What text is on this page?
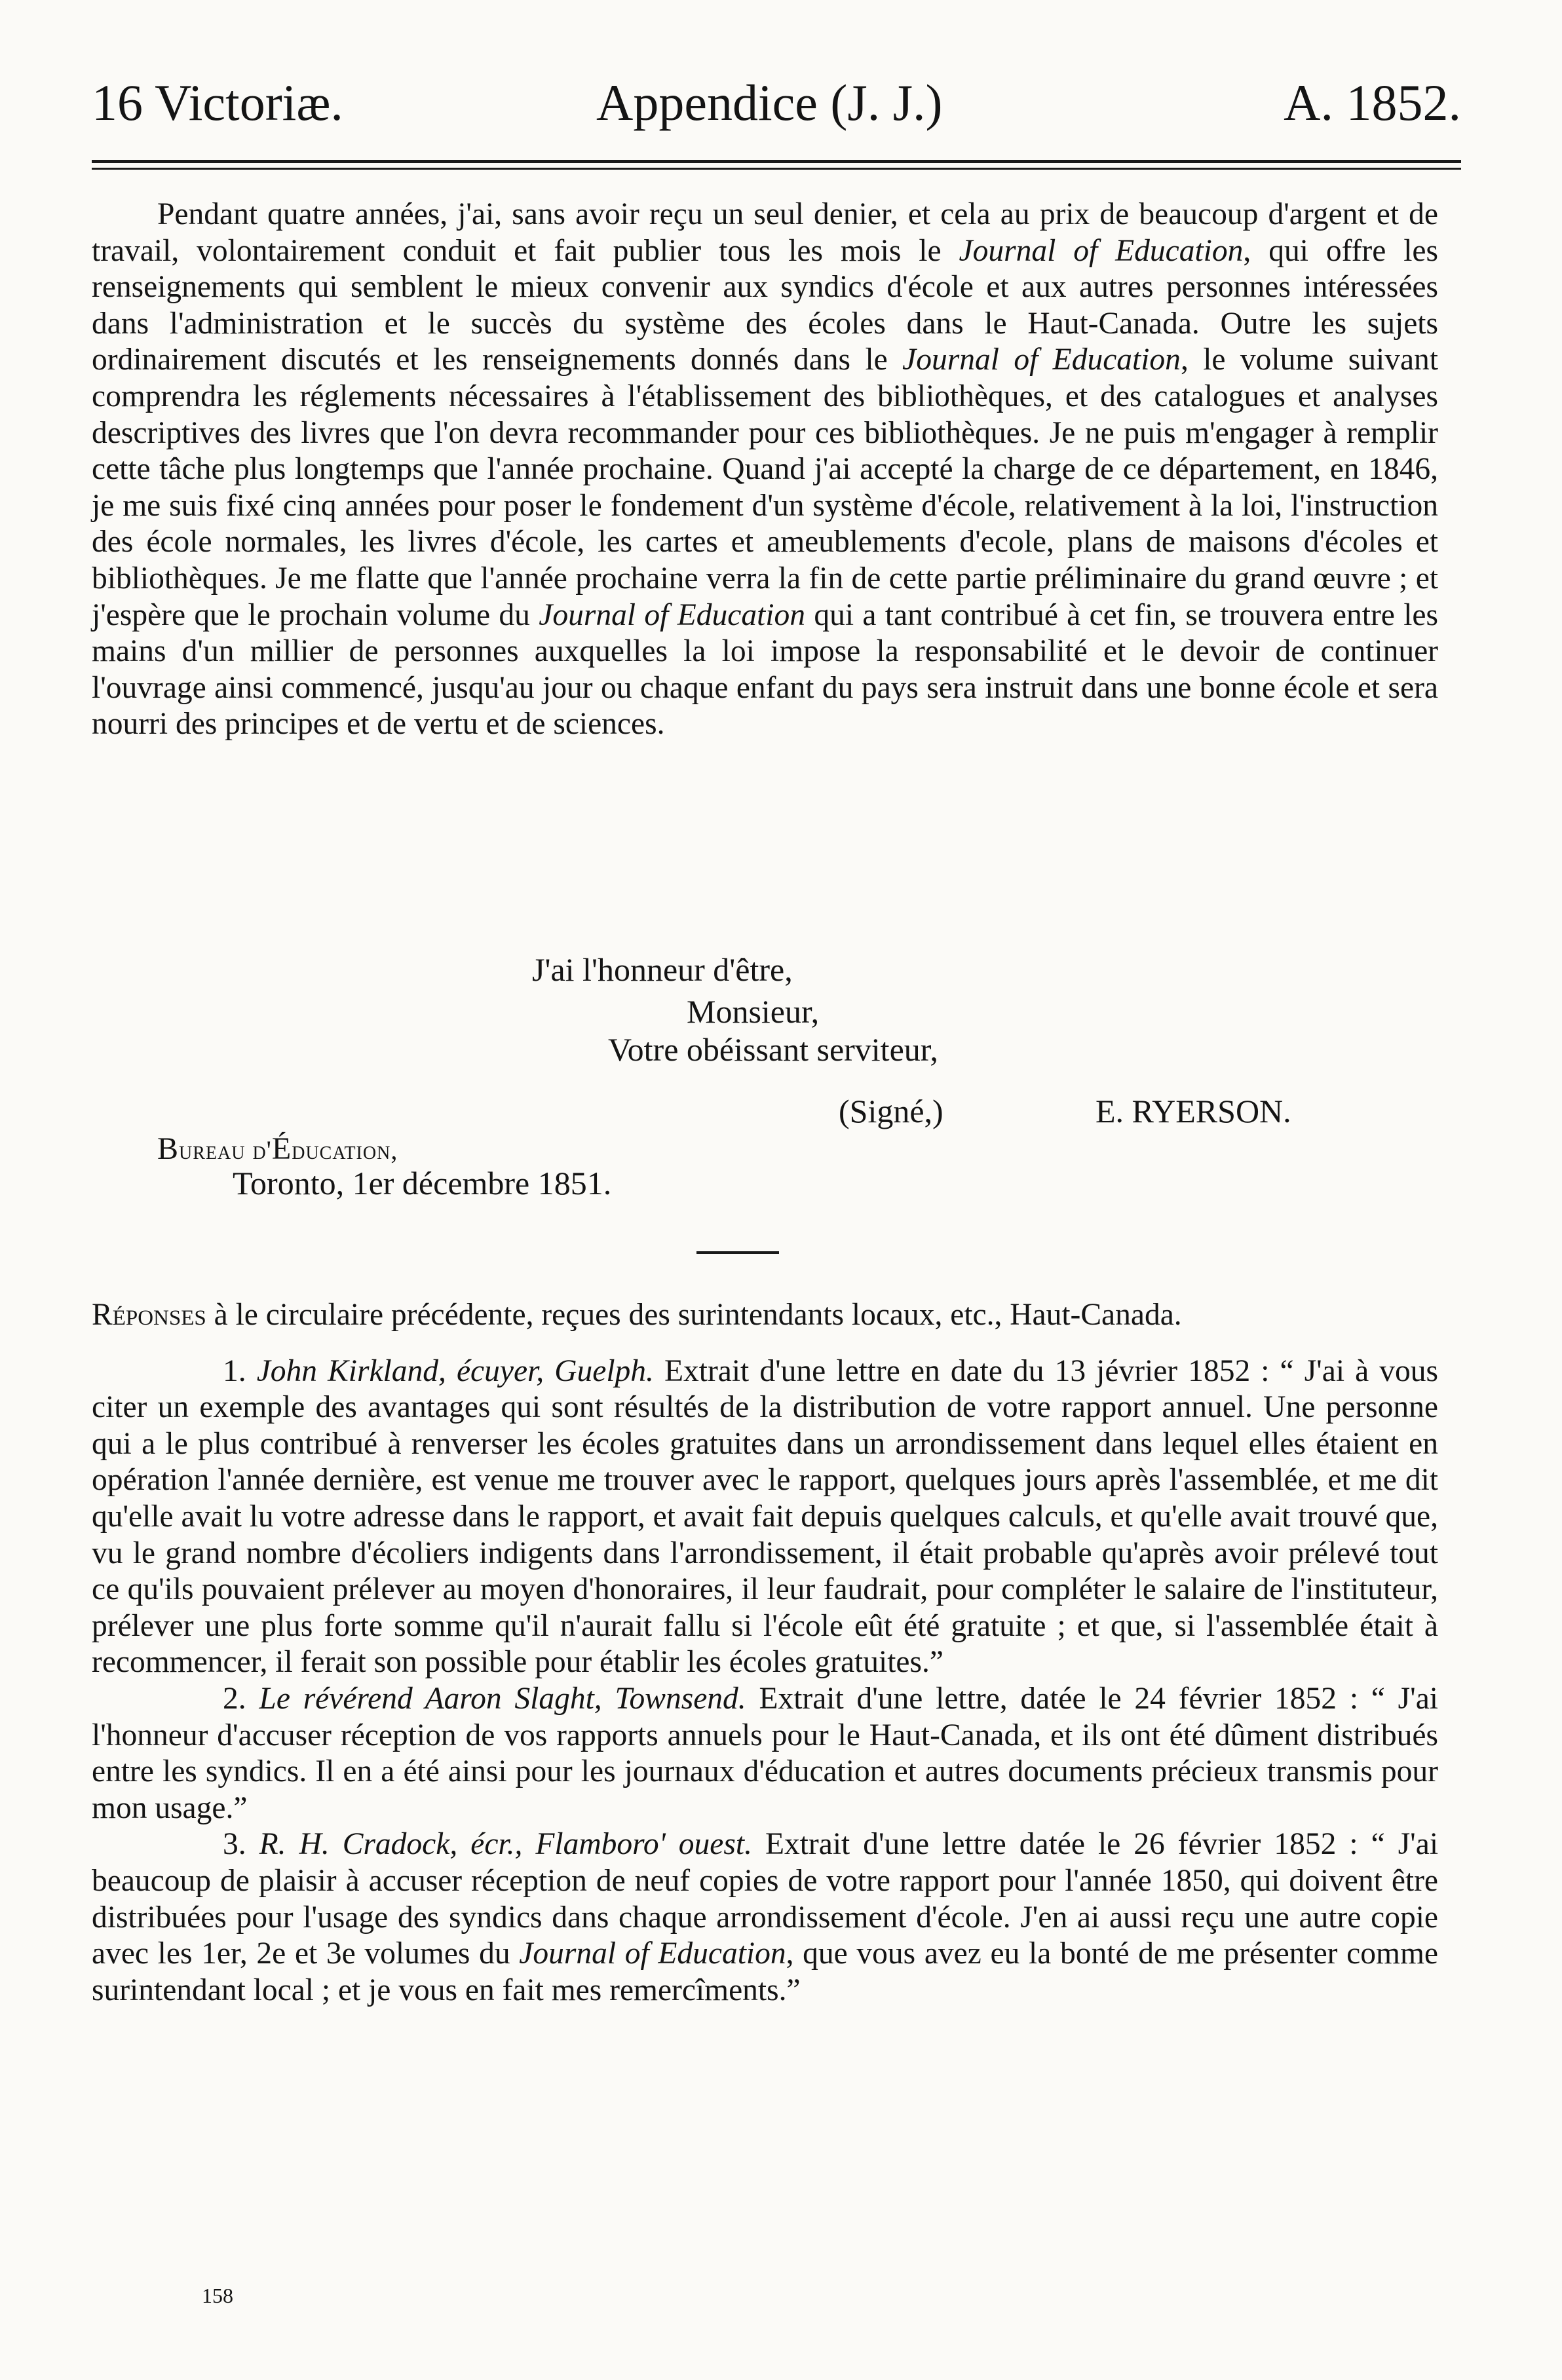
16 Victoriæ.	Appendice (J. J.)	A. 1852.

Pendant quatre années, j'ai, sans avoir reçu un seul denier, et cela au prix de beaucoup d'argent et de travail, volontairement conduit et fait publier tous les mois le Journal of Education, qui offre les renseignements qui semblent le mieux convenir aux syndics d'école et aux autres personnes intéressées dans l'administration et le succès du système des écoles dans le Haut-Canada. Outre les sujets ordinairement discutés et les renseignements donnés dans le Journal of Education, le volume suivant comprendra les réglements nécessaires à l'établissement des bibliothèques, et des catalogues et analyses descriptives des livres que l'on devra recommander pour ces bibliothèques. Je ne puis m'engager à remplir cette tâche plus longtemps que l'année prochaine. Quand j'ai accepté la charge de ce département, en 1846, je me suis fixé cinq années pour poser le fondement d'un système d'école, relativement à la loi, l'instruction des école normales, les livres d'école, les cartes et ameublements d'ecole, plans de maisons d'écoles et bibliothèques. Je me flatte que l'année prochaine verra la fin de cette partie préliminaire du grand œuvre ; et j'espère que le prochain volume du Journal of Education qui a tant contribué à cet fin, se trouvera entre les mains d'un millier de personnes auxquelles la loi impose la responsabilité et le devoir de continuer l'ouvrage ainsi commencé, jusqu'au jour ou chaque enfant du pays sera instruit dans une bonne école et sera nourri des principes et de vertu et de sciences.

J'ai l'honneur d'être,
Monsieur,
Votre obéissant serviteur,
(Signé,)	E. RYERSON.
Bureau d'Éducation,
Toronto, 1er décembre 1851.

Réponses à le circulaire précédente, reçues des surintendants locaux, etc., Haut-Canada.

1. John Kirkland, écuyer, Guelph. Extrait d'une lettre en date du 13 jévrier 1852 : “ J'ai à vous citer un exemple des avantages qui sont résultés de la distribution de votre rapport annuel. Une personne qui a le plus contribué à renverser les écoles gratuites dans un arrondissement dans lequel elles étaient en opération l'année dernière, est venue me trouver avec le rapport, quelques jours après l'assemblée, et me dit qu'elle avait lu votre adresse dans le rapport, et avait fait depuis quelques calculs, et qu'elle avait trouvé que, vu le grand nombre d'écoliers indigents dans l'arrondissement, il était probable qu'après avoir prélevé tout ce qu'ils pouvaient prélever au moyen d'honoraires, il leur faudrait, pour compléter le salaire de l'instituteur, prélever une plus forte somme qu'il n'aurait fallu si l'école eût été gratuite ; et que, si l'assemblée était à recommencer, il ferait son possible pour établir les écoles gratuites.”

2. Le révérend Aaron Slaght, Townsend. Extrait d'une lettre, datée le 24 février 1852 : “ J'ai l'honneur d'accuser réception de vos rapports annuels pour le Haut-Canada, et ils ont été dûment distribués entre les syndics. Il en a été ainsi pour les journaux d'éducation et autres documents précieux transmis pour mon usage.”

3. R. H. Cradock, écr., Flamboro' ouest. Extrait d'une lettre datée le 26 février 1852 : “ J'ai beaucoup de plaisir à accuser réception de neuf copies de votre rapport pour l'année 1850, qui doivent être distribuées pour l'usage des syndics dans chaque arrondissement d'école. J'en ai aussi reçu une autre copie avec les 1er, 2e et 3e volumes du Journal of Education, que vous avez eu la bonté de me présenter comme surintendant local ; et je vous en fait mes remercîments.”

158
